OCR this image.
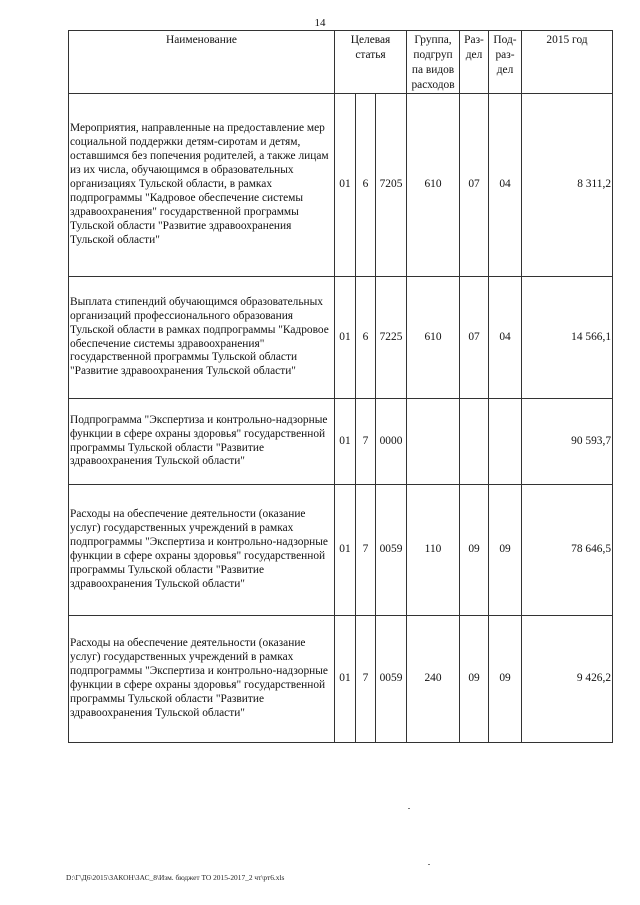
14
Наименование	Целевая статья			Группа, подгруп па видов расходов	Раз- дел	Под- раз- дел	2015 год
Мероприятия, направленные на предоставление мер социальной поддержки детям-сиротам и детям, оставшимся без попечения родителей, а также лицам из их числа, обучающимся в образовательных организациях Тульской области, в рамках подпрограммы "Кадровое обеспечение системы здравоохранения" государственной программы Тульской области "Развитие здравоохранения Тульской области"	01	6	7205	610	07	04	8 311,2
Выплата стипендий обучающимся образовательных организаций профессионального образования Тульской области в рамках подпрограммы "Кадровое обеспечение системы здравоохранения" государственной программы Тульской области "Развитие здравоохранения Тульской области"	01	6	7225	610	07	04	14 566,1
Подпрограмма "Экспертиза и контрольно-надзорные функции в сфере охраны здоровья" государственной программы Тульской области "Развитие здравоохранения Тульской области"	01	7	0000				90 593,7
Расходы на обеспечение деятельности (оказание услуг) государственных учреждений в рамках подпрограммы "Экспертиза и контрольно-надзорные функции в сфере охраны здоровья" государственной программы Тульской области "Развитие здравоохранения Тульской области"	01	7	0059	110	09	09	78 646,5
Расходы на обеспечение деятельности (оказание услуг) государственных учреждений в рамках подпрограммы "Экспертиза и контрольно-надзорные функции в сфере охраны здоровья" государственной программы Тульской области "Развитие здравоохранения Тульской области"	01	7	0059	240	09	09	9 426,2
D:\Г\Д6\2015\ЗАКОН\ЗАС_8\Изм. бюджет ТО 2015-2017_2 чт\рт6.xls
